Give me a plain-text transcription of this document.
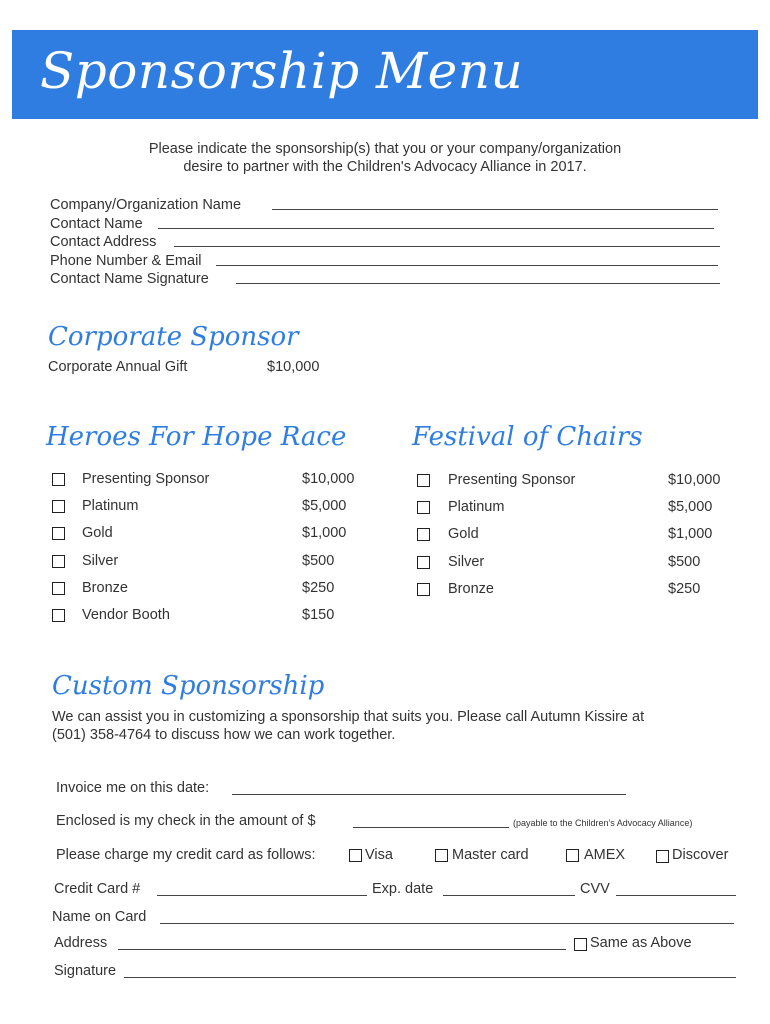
Sponsorship Menu
Please indicate the sponsorship(s) that you or your company/organization
desire to partner with the Children's Advocacy Alliance in 2017.
Company/Organization Name
Contact Name
Contact Address
Phone Number & Email
Contact Name Signature
Corporate Sponsor
Corporate Annual Gift	$10,000
Heroes For Hope Race
Presenting Sponsor	$10,000
Platinum	$5,000
Gold	$1,000
Silver	$500
Bronze	$250
Vendor Booth	$150
Festival of Chairs
Presenting Sponsor	$10,000
Platinum	$5,000
Gold	$1,000
Silver	$500
Bronze	$250
Custom Sponsorship
We can assist you in customizing a sponsorship that suits you. Please call Autumn Kissire at
(501) 358-4764 to discuss how we can work together.
Invoice me on this date:
Enclosed is my check in the amount of $	(payable to the Children's Advocacy Alliance)
Please charge my credit card as follows:	Visa	Master card	AMEX	Discover
Credit Card #	Exp. date	CVV
Name on Card
Address	Same as Above
Signature
